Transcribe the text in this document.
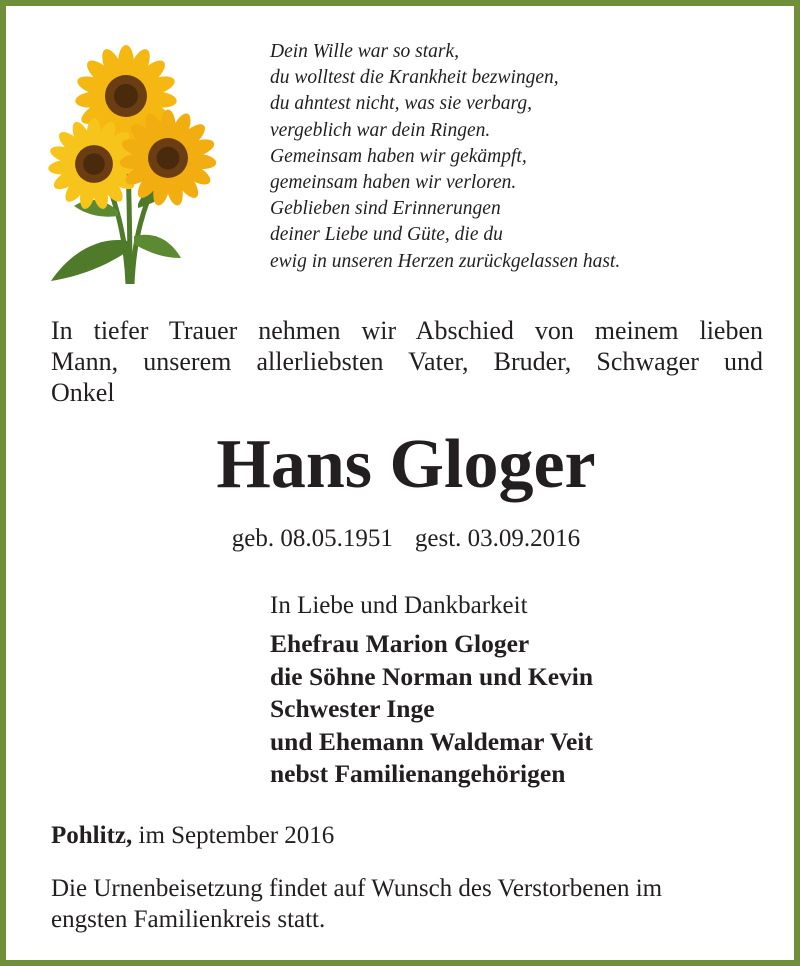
Dein Wille war so stark,
du wolltest die Krankheit bezwingen,
du ahntest nicht, was sie verbarg,
vergeblich war dein Ringen.
Gemeinsam haben wir gekämpft,
gemeinsam haben wir verloren.
Geblieben sind Erinnerungen
deiner Liebe und Güte, die du
ewig in unseren Herzen zurückgelassen hast.
In tiefer Trauer nehmen wir Abschied von meinem lieben
Mann, unserem allerliebsten Vater, Bruder, Schwager und
Onkel
Hans Gloger
geb. 08.05.1951 gest. 03.09.2016
In Liebe und Dankbarkeit
Ehefrau Marion Gloger
die Söhne Norman und Kevin
Schwester Inge
und Ehemann Waldemar Veit
nebst Familienangehörigen
Pohlitz, im September 2016
Die Urnenbeisetzung findet auf Wunsch des Verstorbenen im
engsten Familienkreis statt.
